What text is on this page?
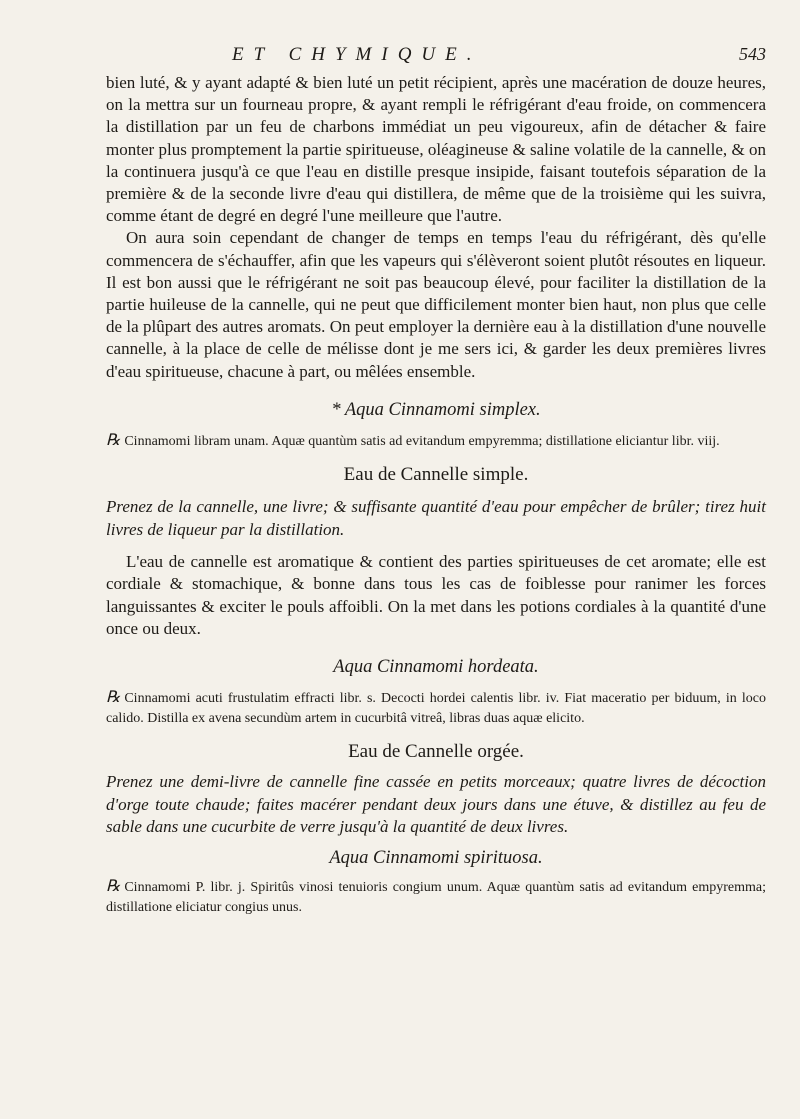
ET CHYMIQUE.	543

bien luté, & y ayant adapté & bien luté un petit récipient, après une macération de douze heures, on la mettra sur un fourneau propre, & ayant rempli le réfrigérant d'eau froide, on commencera la distillation par un feu de charbons immédiat un peu vigoureux, afin de détacher & faire monter plus promptement la partie spiritueuse, oléagineuse & saline volatile de la cannelle, & on la continuera jusqu'à ce que l'eau en distille presque insipide, faisant toutefois séparation de la première & de la seconde livre d'eau qui distillera, de même que de la troisième qui les suivra, comme étant de degré en degré l'une meilleure que l'autre.

On aura soin cependant de changer de temps en temps l'eau du réfrigérant, dès qu'elle commencera de s'échauffer, afin que les vapeurs qui s'élèveront soient plutôt résoutes en liqueur. Il est bon aussi que le réfrigérant ne soit pas beaucoup élevé, pour faciliter la distillation de la partie huileuse de la cannelle, qui ne peut que difficilement monter bien haut, non plus que celle de la plûpart des autres aromats. On peut employer la dernière eau à la distillation d'une nouvelle cannelle, à la place de celle de mélisse dont je me sers ici, & garder les deux premières livres d'eau spiritueuse, chacune à part, ou mêlées ensemble.

* Aqua Cinnamomi simplex.

℞ Cinnamomi libram unam. Aquæ quantùm satis ad evitandum empyremma; distillatione eliciantur libr. viij.

Eau de Cannelle simple.

Prenez de la cannelle, une livre; & suffisante quantité d'eau pour empêcher de brûler; tirez huit livres de liqueur par la distillation.

L'eau de cannelle est aromatique & contient des parties spiritueuses de cet aromate; elle est cordiale & stomachique, & bonne dans tous les cas de foiblesse pour ranimer les forces languissantes & exciter le pouls affoibli. On la met dans les potions cordiales à la quantité d'une once ou deux.

Aqua Cinnamomi hordeata.

℞ Cinnamomi acuti frustulatim effracti libr. s. Decocti hordei calentis libr. iv. Fiat maceratio per biduum, in loco calido. Distilla ex avena secundùm artem in cucurbitâ vitreâ, libras duas aquæ elicito.

Eau de Cannelle orgée.

Prenez une demi-livre de cannelle fine cassée en petits morceaux; quatre livres de décoction d'orge toute chaude; faites macérer pendant deux jours dans une étuve, & distillez au feu de sable dans une cucurbite de verre jusqu'à la quantité de deux livres.

Aqua Cinnamomi spirituosa.

℞ Cinnamomi P. libr. j. Spiritûs vinosi tenuioris congium unum. Aquæ quantùm satis ad evitandum empyremma; distillatione eliciatur congius unus.
